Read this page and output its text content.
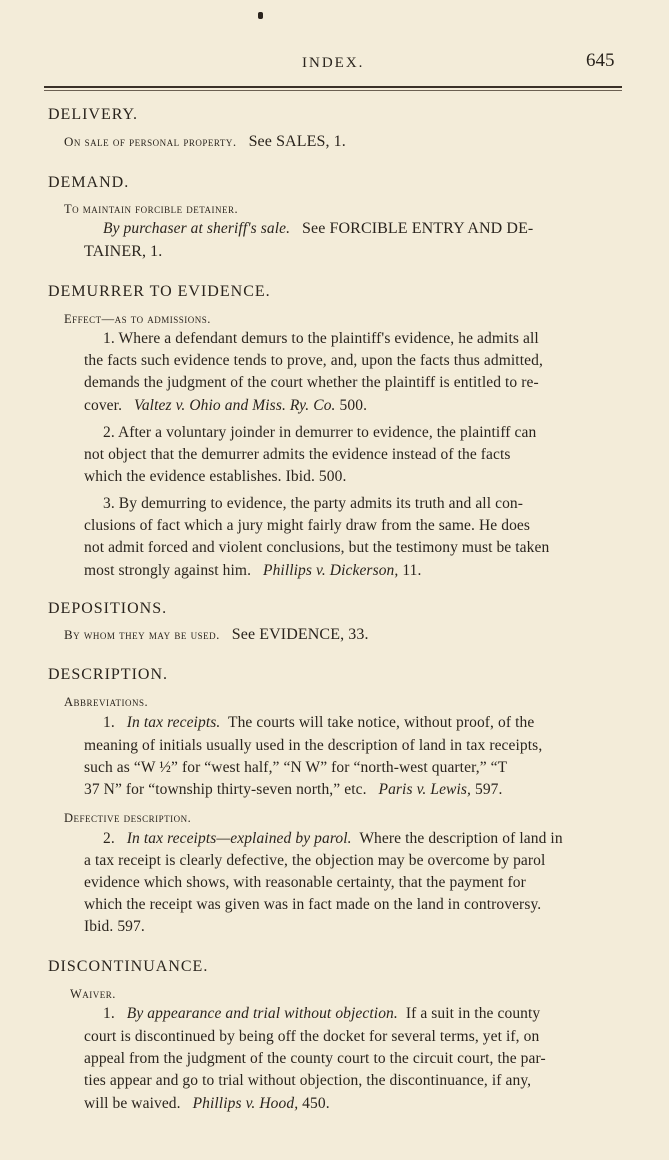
INDEX.	645
DELIVERY.
On sale of personal property. See SALES, 1.
DEMAND.
To maintain forcible detainer.
By purchaser at sheriff's sale. See FORCIBLE ENTRY AND DE-
TAINER, 1.
DEMURRER TO EVIDENCE.
Effect—as to admissions.
1. Where a defendant demurs to the plaintiff's evidence, he admits all
the facts such evidence tends to prove, and, upon the facts thus admitted,
demands the judgment of the court whether the plaintiff is entitled to re-
cover. Valtez v. Ohio and Miss. Ry. Co. 500.
2. After a voluntary joinder in demurrer to evidence, the plaintiff can
not object that the demurrer admits the evidence instead of the facts
which the evidence establishes. Ibid. 500.
3. By demurring to evidence, the party admits its truth and all con-
clusions of fact which a jury might fairly draw from the same. He does
not admit forced and violent conclusions, but the testimony must be taken
most strongly against him. Phillips v. Dickerson, 11.
DEPOSITIONS.
By whom they may be used. See EVIDENCE, 33.
DESCRIPTION.
Abbreviations.
1. In tax receipts. The courts will take notice, without proof, of the
meaning of initials usually used in the description of land in tax receipts,
such as “W ½” for “west half,” “N W” for “north-west quarter,” “T
37 N” for “township thirty-seven north,” etc. Paris v. Lewis, 597.
Defective description.
2. In tax receipts—explained by parol. Where the description of land in
a tax receipt is clearly defective, the objection may be overcome by parol
evidence which shows, with reasonable certainty, that the payment for
which the receipt was given was in fact made on the land in controversy.
Ibid. 597.
DISCONTINUANCE.
Waiver.
1. By appearance and trial without objection. If a suit in the county
court is discontinued by being off the docket for several terms, yet if, on
appeal from the judgment of the county court to the circuit court, the par-
ties appear and go to trial without objection, the discontinuance, if any,
will be waived. Phillips v. Hood, 450.
